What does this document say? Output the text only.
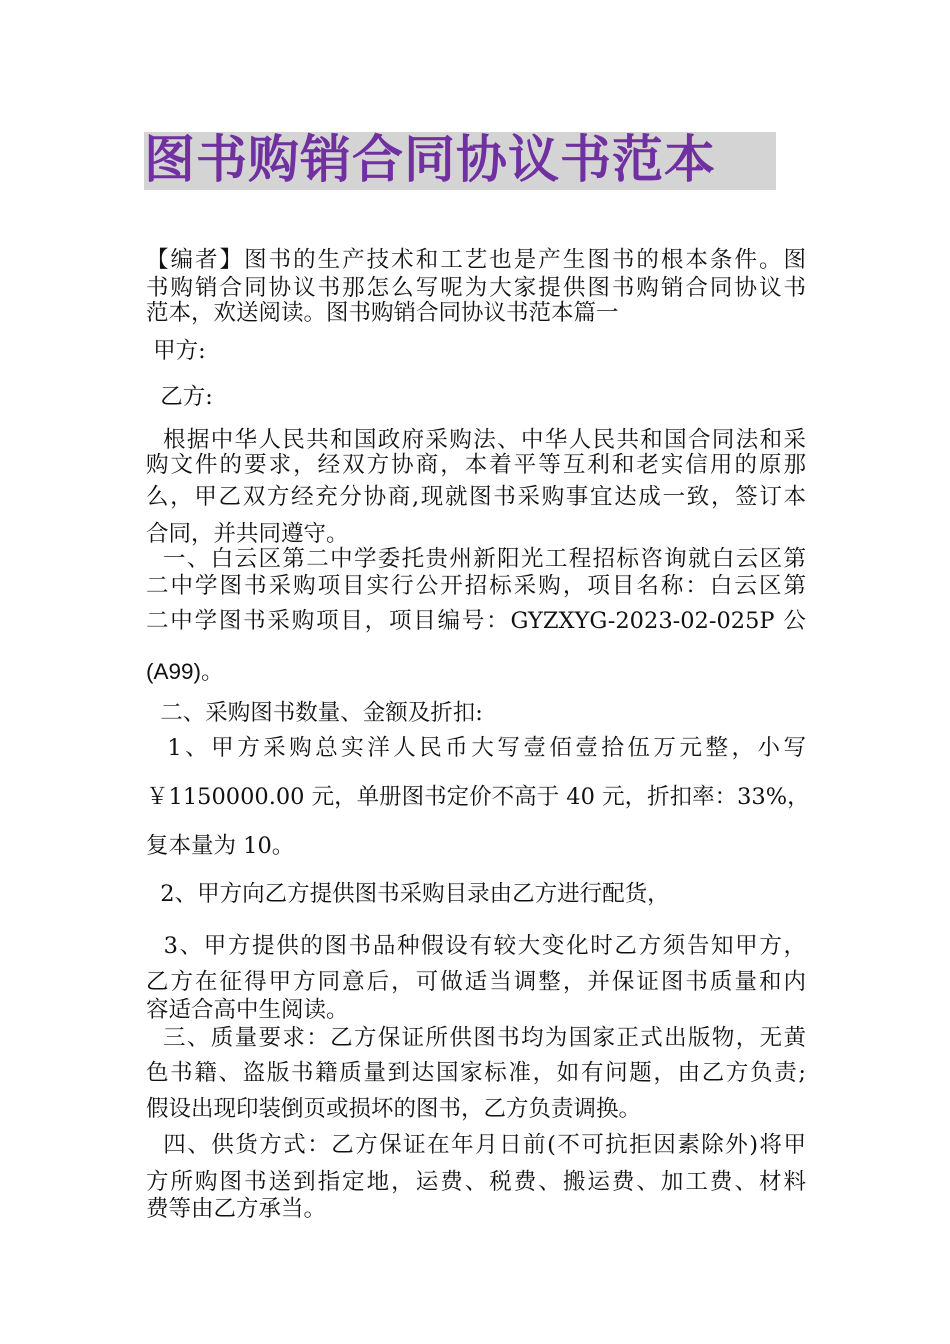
图书购销合同协议书范本
【编者】图书的生产技术和工艺也是产生图书的根本条件。图
书购销合同协议书那怎么写呢为大家提供图书购销合同协议书
范本，欢送阅读。图书购销合同协议书范本篇一
甲方:
乙方:
根据中华人民共和国政府采购法、中华人民共和国合同法和采
购文件的要求，经双方协商，本着平等互利和老实信用的原那
么，甲乙双方经充分协商,现就图书采购事宜达成一致，签订本
合同，并共同遵守。
一、白云区第二中学委托贵州新阳光工程招标咨询就白云区第
二中学图书采购项目实行公开招标采购，项目名称：白云区第
二中学图书采购项目，项目编号：GYZXYG-2023-02-025P 公
(A99)。
二、采购图书数量、金额及折扣:
1、甲方采购总实洋人民币大写壹佰壹拾伍万元整，小写
￥1150000.00 元，单册图书定价不高于 40 元，折扣率：33%，
复本量为 10。
2、甲方向乙方提供图书采购目录由乙方进行配货，
3、甲方提供的图书品种假设有较大变化时乙方须告知甲方，
乙方在征得甲方同意后，可做适当调整，并保证图书质量和内
容适合高中生阅读。
三、质量要求：乙方保证所供图书均为国家正式出版物，无黄
色书籍、盗版书籍质量到达国家标准，如有问题，由乙方负责;
假设出现印装倒页或损坏的图书，乙方负责调换。
四、供货方式：乙方保证在年月日前(不可抗拒因素除外)将甲
方所购图书送到指定地，运费、税费、搬运费、加工费、材料
费等由乙方承当。
